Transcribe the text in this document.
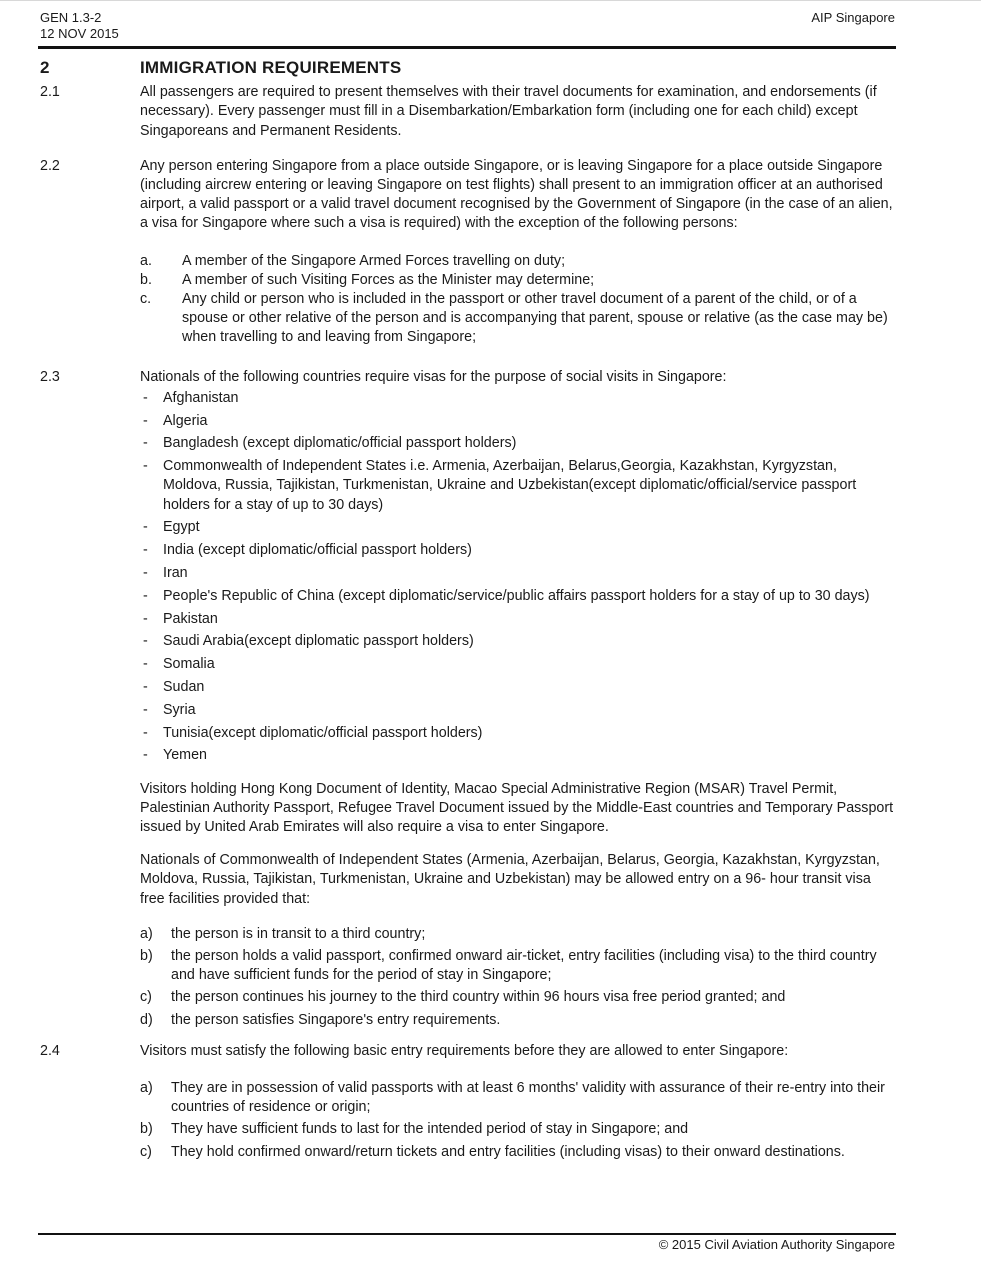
GEN 1.3-2
12 NOV 2015
AIP Singapore
2	IMMIGRATION REQUIREMENTS
2.1	All passengers are required to present themselves with their travel documents for examination, and endorsements (if necessary). Every passenger must fill in a Disembarkation/Embarkation form (including one for each child) except Singaporeans and Permanent Residents.

2.2	Any person entering Singapore from a place outside Singapore, or is leaving Singapore for a place outside Singapore (including aircrew entering or leaving Singapore on test flights) shall present to an immigration officer at an authorised airport, a valid passport or a valid travel document recognised by the Government of Singapore (in the case of an alien, a visa for Singapore where such a visa is required) with the exception of the following persons:

a.	A member of the Singapore Armed Forces travelling on duty;
b.	A member of such Visiting Forces as the Minister may determine;
c.	Any child or person who is included in the passport or other travel document of a parent of the child, or of a spouse or other relative of the person and is accompanying that parent, spouse or relative (as the case may be) when travelling to and leaving from Singapore;
2.3	Nationals of the following countries require visas for the purpose of social visits in Singapore:

-	Afghanistan
-	Algeria
-	Bangladesh (except diplomatic/official passport holders)
-	Commonwealth of Independent States i.e. Armenia, Azerbaijan, Belarus,Georgia, Kazakhstan, Kyrgyzstan, Moldova, Russia, Tajikistan, Turkmenistan, Ukraine and Uzbekistan(except diplomatic/official/service passport holders for a stay of up to 30 days)
-	Egypt
-	India (except diplomatic/official passport holders)
-	Iran
-	People's Republic of China (except diplomatic/service/public affairs passport holders for a stay of up to 30 days)
-	Pakistan
-	Saudi Arabia(except diplomatic passport holders)
-	Somalia
-	Sudan
-	Syria
-	Tunisia(except diplomatic/official passport holders)
-	Yemen

Visitors holding Hong Kong Document of Identity, Macao Special Administrative Region (MSAR) Travel Permit, Palestinian Authority Passport, Refugee Travel Document issued by the Middle-East countries and Temporary Passport issued by United Arab Emirates will also require a visa to enter Singapore.

Nationals of Commonwealth of Independent States (Armenia, Azerbaijan, Belarus, Georgia, Kazakhstan, Kyrgyzstan, Moldova, Russia, Tajikistan, Turkmenistan, Ukraine and Uzbekistan) may be allowed entry on a 96- hour transit visa free facilities provided that:

a)	the person is in transit to a third country;
b)	the person holds a valid passport, confirmed onward air-ticket, entry facilities (including visa) to the third country and have sufficient funds for the period of stay in Singapore;
c)	the person continues his journey to the third country within 96 hours visa free period granted; and
d)	the person satisfies Singapore's entry requirements.
2.4	Visitors must satisfy the following basic entry requirements before they are allowed to enter Singapore:

a)	They are in possession of valid passports with at least 6 months' validity with assurance of their re-entry into their countries of residence or origin;
b)	They have sufficient funds to last for the intended period of stay in Singapore; and
c)	They hold confirmed onward/return tickets and entry facilities (including visas) to their onward destinations.
© 2015 Civil Aviation Authority Singapore
